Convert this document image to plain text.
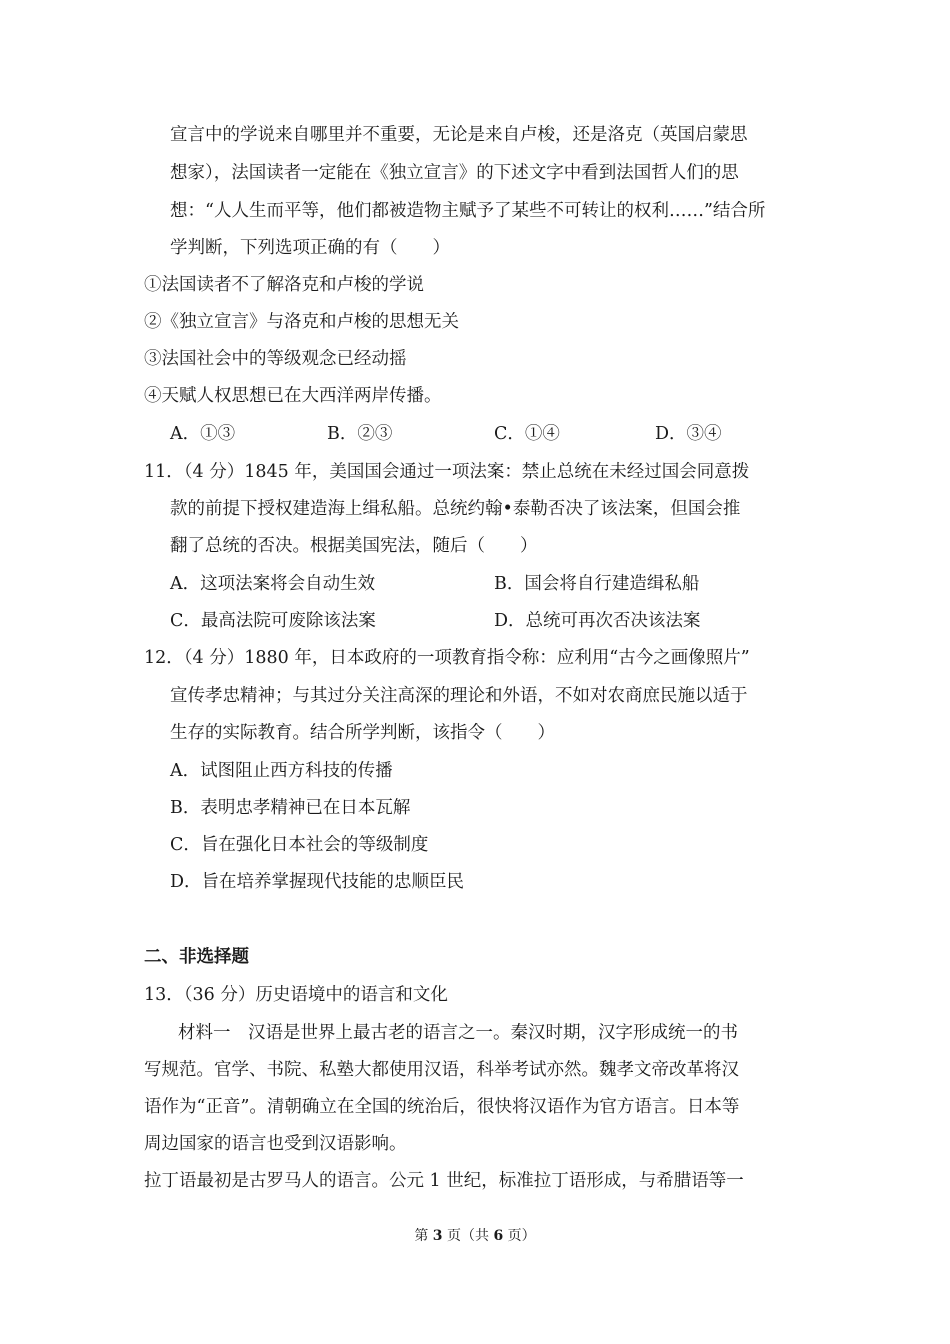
宣言中的学说来自哪里并不重要，无论是来自卢梭，还是洛克（英国启蒙思
想家），法国读者一定能在《独立宣言》的下述文字中看到法国哲人们的思
想：“人人生而平等，他们都被造物主赋予了某些不可转让的权利……”结合所
学判断，下列选项正确的有（　　）
①法国读者不了解洛克和卢梭的学说
②《独立宣言》与洛克和卢梭的思想无关
③法国社会中的等级观念已经动摇
④天赋人权思想已在大西洋两岸传播。
A．①③	B．②③	C．①④	D．③④
11．（4 分）1845 年，美国国会通过一项法案：禁止总统在未经过国会同意拨
款的前提下授权建造海上缉私船。总统约翰•泰勒否决了该法案，但国会推
翻了总统的否决。根据美国宪法，随后（　　）
A．这项法案将会自动生效	B．国会将自行建造缉私船
C．最高法院可废除该法案	D．总统可再次否决该法案
12．（4 分）1880 年，日本政府的一项教育指令称：应利用“古今之画像照片”
宣传孝忠精神；与其过分关注高深的理论和外语，不如对农商庶民施以适于
生存的实际教育。结合所学判断，该指令（　　）
A．试图阻止西方科技的传播
B．表明忠孝精神已在日本瓦解
C．旨在强化日本社会的等级制度
D．旨在培养掌握现代技能的忠顺臣民
二、非选择题
13．（36 分）历史语境中的语言和文化
材料一　汉语是世界上最古老的语言之一。秦汉时期，汉字形成统一的书
写规范。官学、书院、私塾大都使用汉语，科举考试亦然。魏孝文帝改革将汉
语作为“正音”。清朝确立在全国的统治后，很快将汉语作为官方语言。日本等
周边国家的语言也受到汉语影响。
拉丁语最初是古罗马人的语言。公元 1 世纪，标准拉丁语形成，与希腊语等一
第 3 页（共 6 页）
